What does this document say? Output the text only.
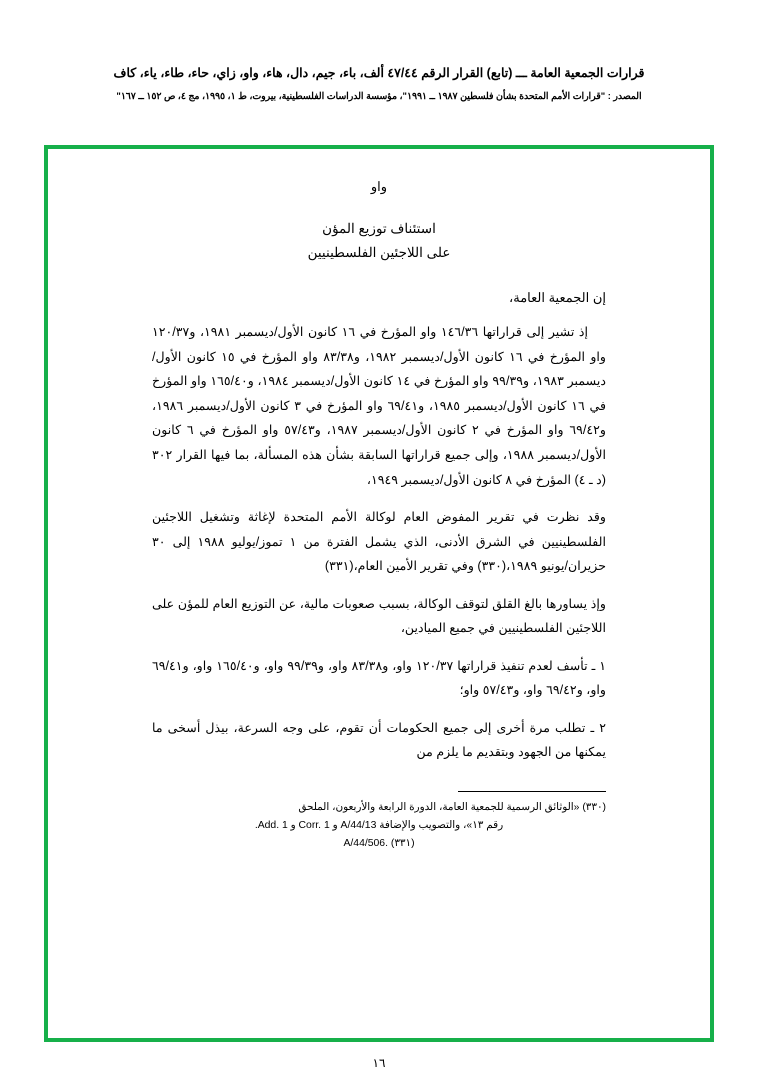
قرارات الجمعية العامة ـــ (تابع) القرار الرقم ٤٧/٤٤ ألف، باء، جيم، دال، هاء، واو، زاي، حاء، طاء، ياء، كاف
المصدر : "قرارات الأمم المتحدة بشأن فلسطين ١٩٨٧ ــ ١٩٩١"، مؤسسة الدراسات الفلسطينية، بيروت، ط ١، ١٩٩٥، مج ٤، ص ١٥٢ ــ ١٦٧"
واو
استئناف توزيع المؤن
على اللاجئين الفلسطينيين
إن الجمعية العامة،

إذ تشير إلى قراراتها ١٤٦/٣٦ واو المؤرخ في ١٦ كانون الأول/ديسمبر ١٩٨١، و١٢٠/٣٧ واو المؤرخ في ١٦ كانون الأول/ديسمبر ١٩٨٢، و٨٣/٣٨ واو المؤرخ في ١٥ كانون الأول/ديسمبر ١٩٨٣، و٩٩/٣٩ واو المؤرخ في ١٤ كانون الأول/ديسمبر ١٩٨٤، و١٦٥/٤٠ واو المؤرخ في ١٦ كانون الأول/ديسمبر ١٩٨٥، و٦٩/٤١ واو المؤرخ في ٣ كانون الأول/ديسمبر ١٩٨٦، و٦٩/٤٢ واو المؤرخ في ٢ كانون الأول/ديسمبر ١٩٨٧، و٥٧/٤٣ واو المؤرخ في ٦ كانون الأول/ديسمبر ١٩٨٨، وإلى جميع قراراتها السابقة بشأن هذه المسألة، بما فيها القرار ٣٠٢ (د ـ ٤) المؤرخ في ٨ كانون الأول/ديسمبر ١٩٤٩،

وقد نظرت في تقرير المفوض العام لوكالة الأمم المتحدة لإغاثة وتشغيل اللاجئين الفلسطينيين في الشرق الأدنى، الذي يشمل الفترة من ١ تموز/يوليو ١٩٨٨ إلى ٣٠ حزيران/يونيو ١٩٨٩،(٣٣٠) وفي تقرير الأمين العام،(٣٣١)

وإذ يساورها بالغ القلق لتوقف الوكالة، بسبب صعوبات مالية، عن التوزيع العام للمؤن على اللاجئين الفلسطينيين في جميع الميادين،

١ ـ تأسف لعدم تنفيذ قراراتها ١٢٠/٣٧ واو، و٨٣/٣٨ واو، و٩٩/٣٩ واو، و١٦٥/٤٠ واو، و٦٩/٤١ واو، و٦٩/٤٢ واو، و٥٧/٤٣ واو؛

٢ ـ تطلب مرة أخرى إلى جميع الحكومات أن تقوم، على وجه السرعة، بيذل أسخى ما يمكنها من الجهود وبتقديم ما يلزم من

(٣٣٠) «الوثائق الرسمية للجمعية العامة، الدورة الرابعة والأربعون، الملحق
رقم ١٣»، والتصويب والإضافة A/44/13 و Corr. 1 و Add. 1.
A/44/506. (٣٣١)
١٦
